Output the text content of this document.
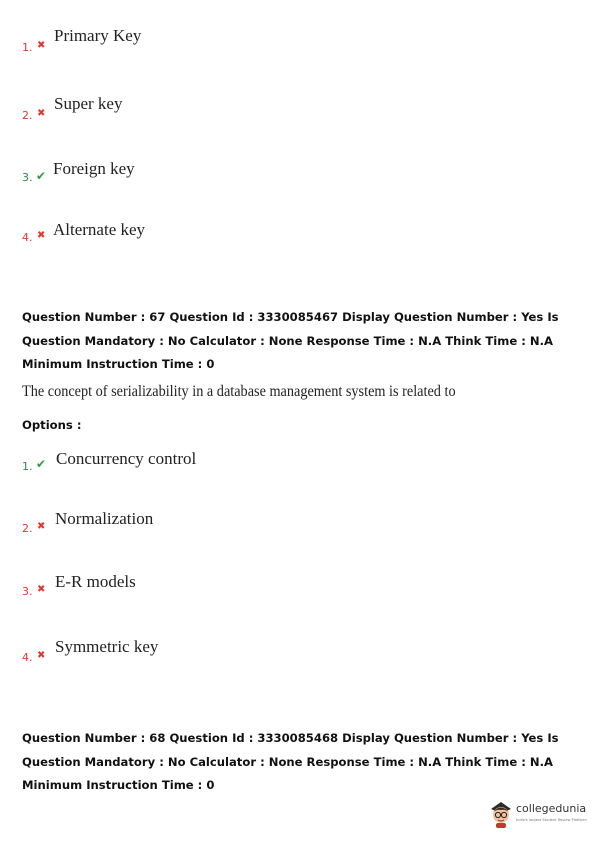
1. ✖
Primary Key
2. ✖
Super key
3. ✔ Foreign key
4. ✖ Alternate key

Question Number : 67 Question Id : 3330085467 Display Question Number : Yes Is Question Mandatory : No Calculator : None Response Time : N.A Think Time : N.A Minimum Instruction Time : 0

The concept of serializability in a database management system is related to
Options :
1. ✔ Concurrency control
2. ✖ Normalization
3. ✖ E-R models
4. ✖ Symmetric key

Question Number : 68 Question Id : 3330085468 Display Question Number : Yes Is Question Mandatory : No Calculator : None Response Time : N.A Think Time : N.A Minimum Instruction Time : 0

collegedunia
India's largest Student Review Platform
